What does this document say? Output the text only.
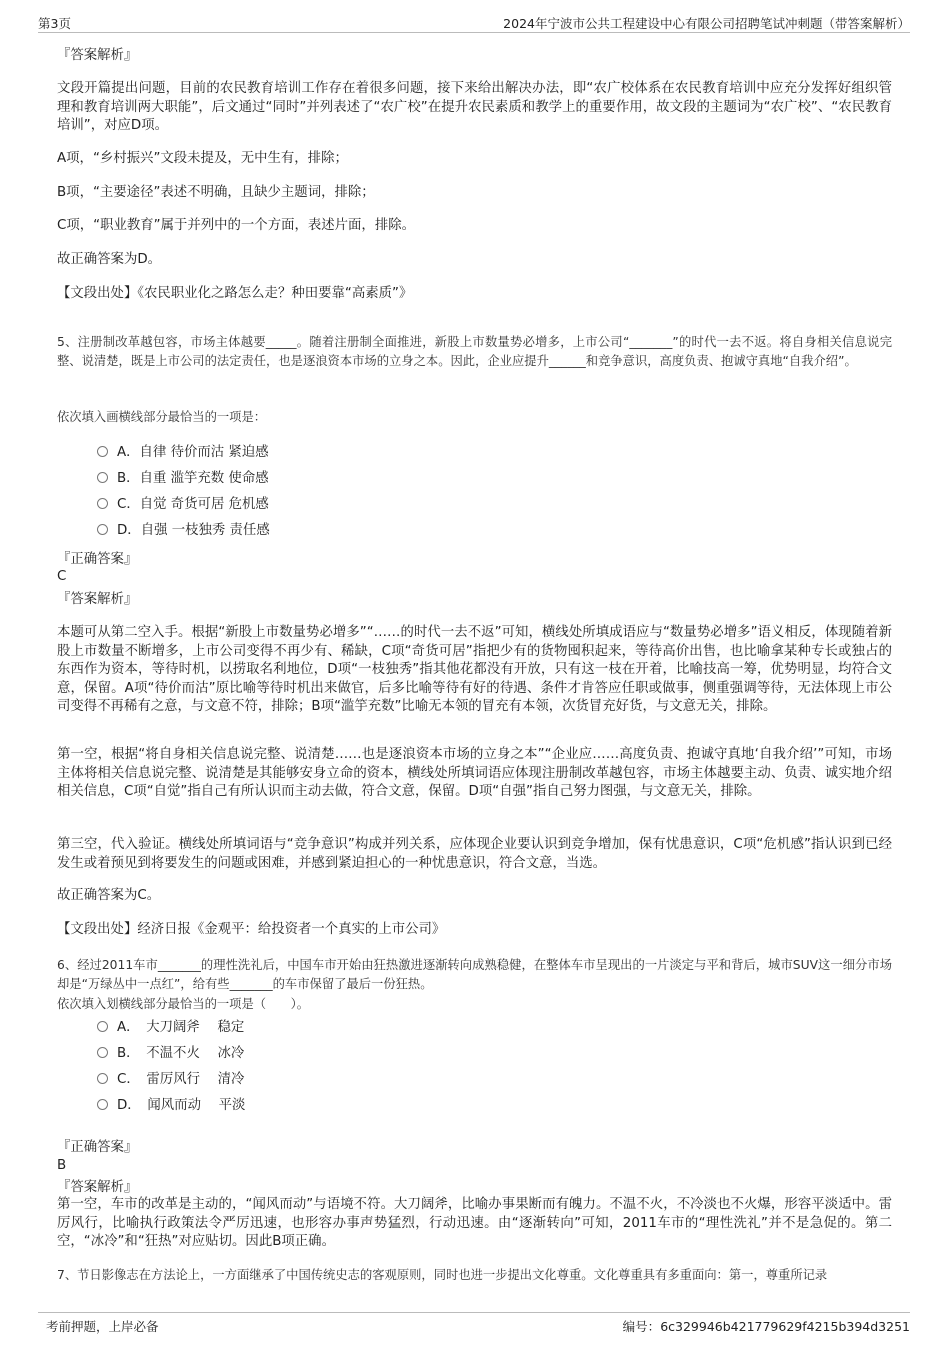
第3页	2024年宁波市公共工程建设中心有限公司招聘笔试冲刺题（带答案解析）
『答案解析』

文段开篇提出问题，目前的农民教育培训工作存在着很多问题，接下来给出解决办法，即“农广校体系在农民教育培训中应充分发挥好组织管理和教育培训两大职能”，后文通过“同时”并列表述了“农广校”在提升农民素质和教学上的重要作用，故文段的主题词为“农广校”、“农民教育培训”，对应D项。

A项，“乡村振兴”文段未提及，无中生有，排除；

B项，“主要途径”表述不明确，且缺少主题词，排除；

C项，“职业教育”属于并列中的一个方面，表述片面，排除。

故正确答案为D。

【文段出处】《农民职业化之路怎么走？种田要靠“高素质”》

5、注册制改革越包容，市场主体越要_____。随着注册制全面推进，新股上市数量势必增多，上市公司“_______”的时代一去不返。将自身相关信息说完整、说清楚，既是上市公司的法定责任，也是逐浪资本市场的立身之本。因此，企业应提升______和竞争意识，高度负责、抱诚守真地“自我介绍”。

依次填入画横线部分最恰当的一项是：

A．自律 待价而沽 紧迫感
B．自重 滥竽充数 使命感
C．自觉 奇货可居 危机感
D．自强 一枝独秀 责任感
『正确答案』
C
『答案解析』

本题可从第二空入手。根据“新股上市数量势必增多”“……的时代一去不返”可知，横线处所填成语应与“数量势必增多”语义相反，体现随着新股上市数量不断增多，上市公司变得不再少有、稀缺，C项“奇货可居”指把少有的货物囤积起来，等待高价出售，也比喻拿某种专长或独占的东西作为资本，等待时机，以捞取名利地位，D项“一枝独秀”指其他花都没有开放，只有这一枝在开着，比喻技高一筹，优势明显，均符合文意，保留。A项“待价而沽”原比喻等待时机出来做官，后多比喻等待有好的待遇、条件才肯答应任职或做事，侧重强调等待，无法体现上市公司变得不再稀有之意，与文意不符，排除；B项“滥竽充数”比喻无本领的冒充有本领，次货冒充好货，与文意无关，排除。

第一空，根据“将自身相关信息说完整、说清楚……也是逐浪资本市场的立身之本”“企业应……高度负责、抱诚守真地‘自我介绍’”可知，市场主体将相关信息说完整、说清楚是其能够安身立命的资本，横线处所填词语应体现注册制改革越包容，市场主体越要主动、负责、诚实地介绍相关信息，C项“自觉”指自己有所认识而主动去做，符合文意，保留。D项“自强”指自己努力图强，与文意无关，排除。

第三空，代入验证。横线处所填词语与“竞争意识”构成并列关系，应体现企业要认识到竞争增加，保有忧患意识，C项“危机感”指认识到已经发生或着预见到将要发生的问题或困难，并感到紧迫担心的一种忧患意识，符合文意，当选。

故正确答案为C。

【文段出处】经济日报《金观平：给投资者一个真实的上市公司》

6、经过2011车市_______的理性洗礼后，中国车市开始由狂热激进逐渐转向成熟稳健，在整体车市呈现出的一片淡定与平和背后，城市SUV这一细分市场却是“万绿丛中一点红”，给有些_______的车市保留了最后一份狂热。

依次填入划横线部分最恰当的一项是（　　）。

A．　大刀阔斧　 稳定
B．　不温不火　 冰冷
C．　雷厉风行　 清冷
D．　闻风而动　 平淡
『正确答案』
B
『答案解析』

第一空，车市的改革是主动的，“闻风而动”与语境不符。大刀阔斧，比喻办事果断而有魄力。不温不火，不冷淡也不火爆，形容平淡适中。雷厉风行，比喻执行政策法令严厉迅速，也形容办事声势猛烈，行动迅速。由“逐渐转向”可知，2011车市的“理性洗礼”并不是急促的。第二空，“冰冷”和“狂热”对应贴切。因此B项正确。

7、节日影像志在方法论上，一方面继承了中国传统史志的客观原则，同时也进一步提出文化尊重。文化尊重具有多重面向：第一，尊重所记录

考前押题，上岸必备	编号：6c329946b421779629f4215b394d3251
